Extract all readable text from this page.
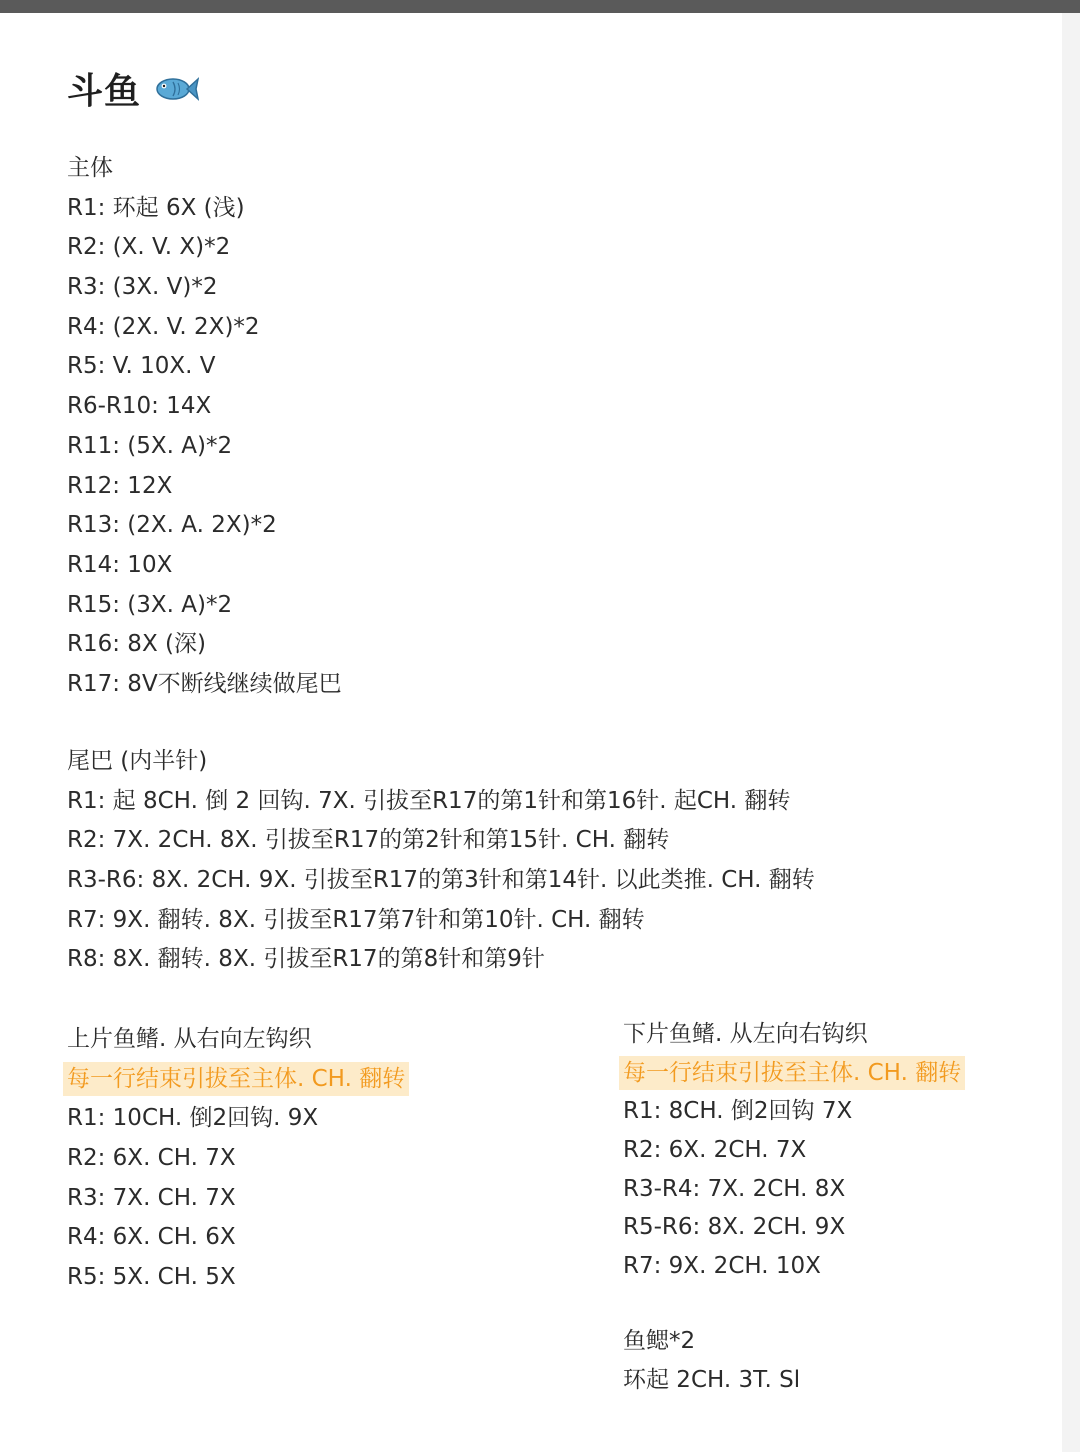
斗鱼
主体
R1: 环起 6X (浅)
R2: (X. V. X)*2
R3: (3X. V)*2
R4: (2X. V. 2X)*2
R5: V. 10X. V
R6-R10: 14X
R11: (5X. A)*2
R12: 12X
R13: (2X. A. 2X)*2
R14: 10X
R15: (3X. A)*2
R16: 8X (深)
R17: 8V不断线继续做尾巴
尾巴 (内半针)
R1: 起 8CH. 倒 2 回钩. 7X. 引拔至R17的第1针和第16针. 起CH. 翻转
R2: 7X. 2CH. 8X. 引拔至R17的第2针和第15针. CH. 翻转
R3-R6: 8X. 2CH. 9X. 引拔至R17的第3针和第14针. 以此类推. CH. 翻转
R7: 9X. 翻转. 8X. 引拔至R17第7针和第10针. CH. 翻转
R8: 8X. 翻转. 8X. 引拔至R17的第8针和第9针
上片鱼鳍. 从右向左钩织
每一行结束引拔至主体. CH. 翻转
R1: 10CH. 倒2回钩. 9X
R2: 6X. CH. 7X
R3: 7X. CH. 7X
R4: 6X. CH. 6X
R5: 5X. CH. 5X
下片鱼鳍. 从左向右钩织
每一行结束引拔至主体. CH. 翻转
R1: 8CH. 倒2回钩 7X
R2: 6X. 2CH. 7X
R3-R4: 7X. 2CH. 8X
R5-R6: 8X. 2CH. 9X
R7: 9X. 2CH. 10X
鱼鳃*2
环起 2CH. 3T. Sl
